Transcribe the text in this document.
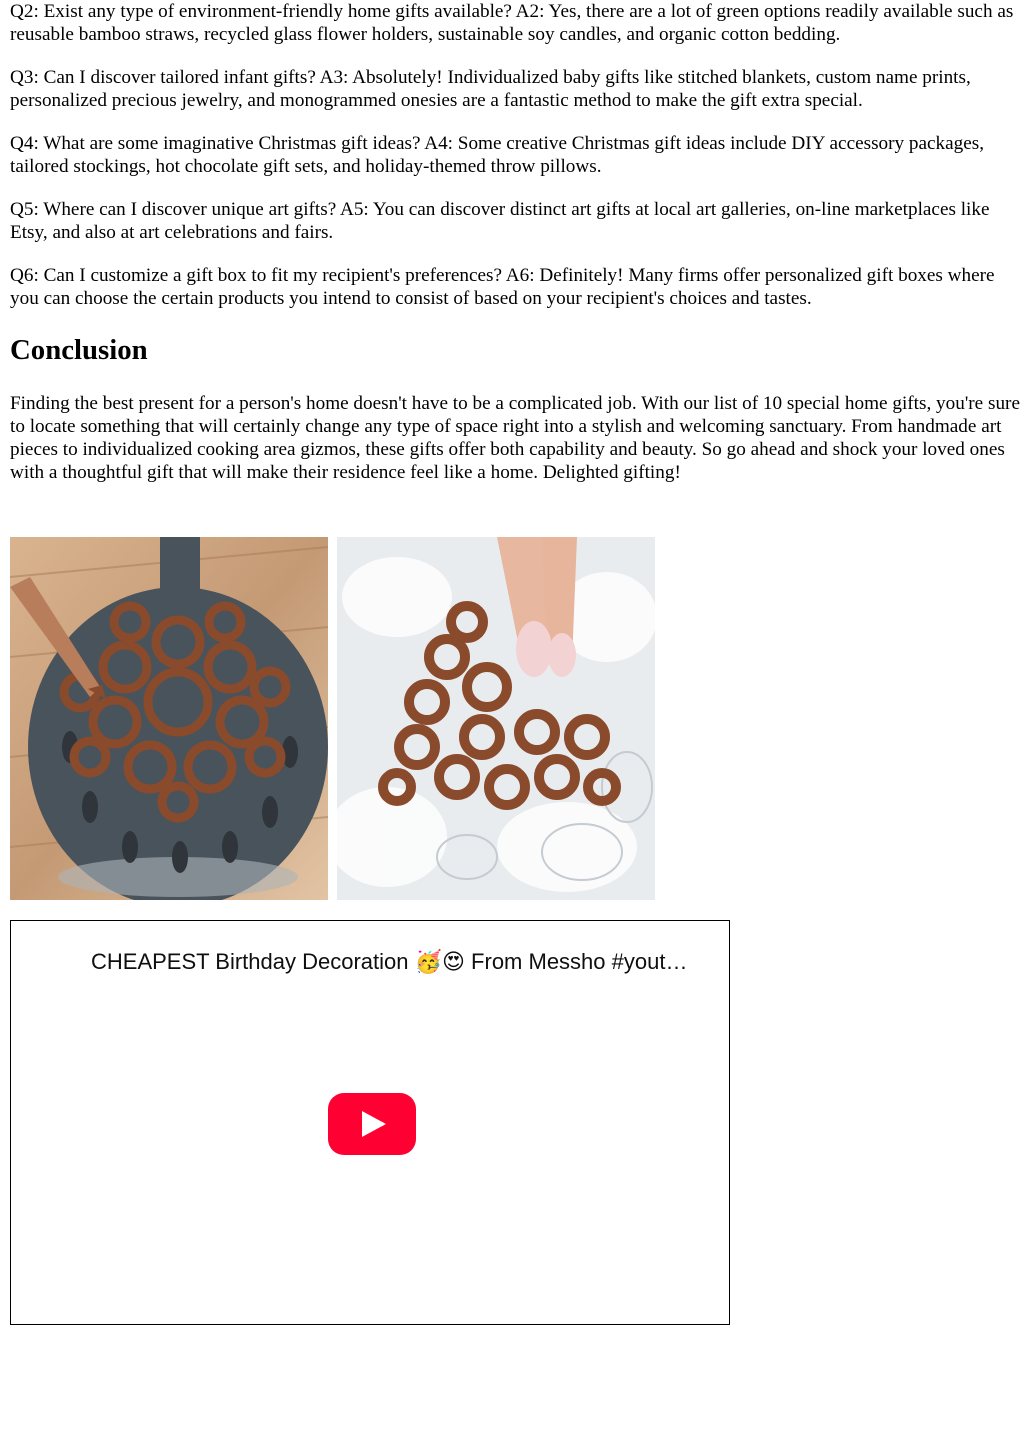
Q2: Exist any type of environment-friendly home gifts available? A2: Yes, there are a lot of green options readily available such as reusable bamboo straws, recycled glass flower holders, sustainable soy candles, and organic cotton bedding.

Q3: Can I discover tailored infant gifts? A3: Absolutely! Individualized baby gifts like stitched blankets, custom name prints, personalized precious jewelry, and monogrammed onesies are a fantastic method to make the gift extra special.

Q4: What are some imaginative Christmas gift ideas? A4: Some creative Christmas gift ideas include DIY accessory packages, tailored stockings, hot chocolate gift sets, and holiday-themed throw pillows.

Q5: Where can I discover unique art gifts? A5: You can discover distinct art gifts at local art galleries, on-line marketplaces like Etsy, and also at art celebrations and fairs.

Q6: Can I customize a gift box to fit my recipient's preferences? A6: Definitely! Many firms offer personalized gift boxes where you can choose the certain products you intend to consist of based on your recipient's choices and tastes.

Conclusion

Finding the best present for a person's home doesn't have to be a complicated job. With our list of 10 special home gifts, you're sure to locate something that will certainly change any type of space right into a stylish and welcoming sanctuary. From handmade art pieces to individualized cooking area gizmos, these gifts offer both capability and beauty. So go ahead and shock your loved ones with a thoughtful gift that will make their residence feel like a home. Delighted gifting!

CHEAPEST Birthday Decoration 🥳😍 From Messho #yout…
